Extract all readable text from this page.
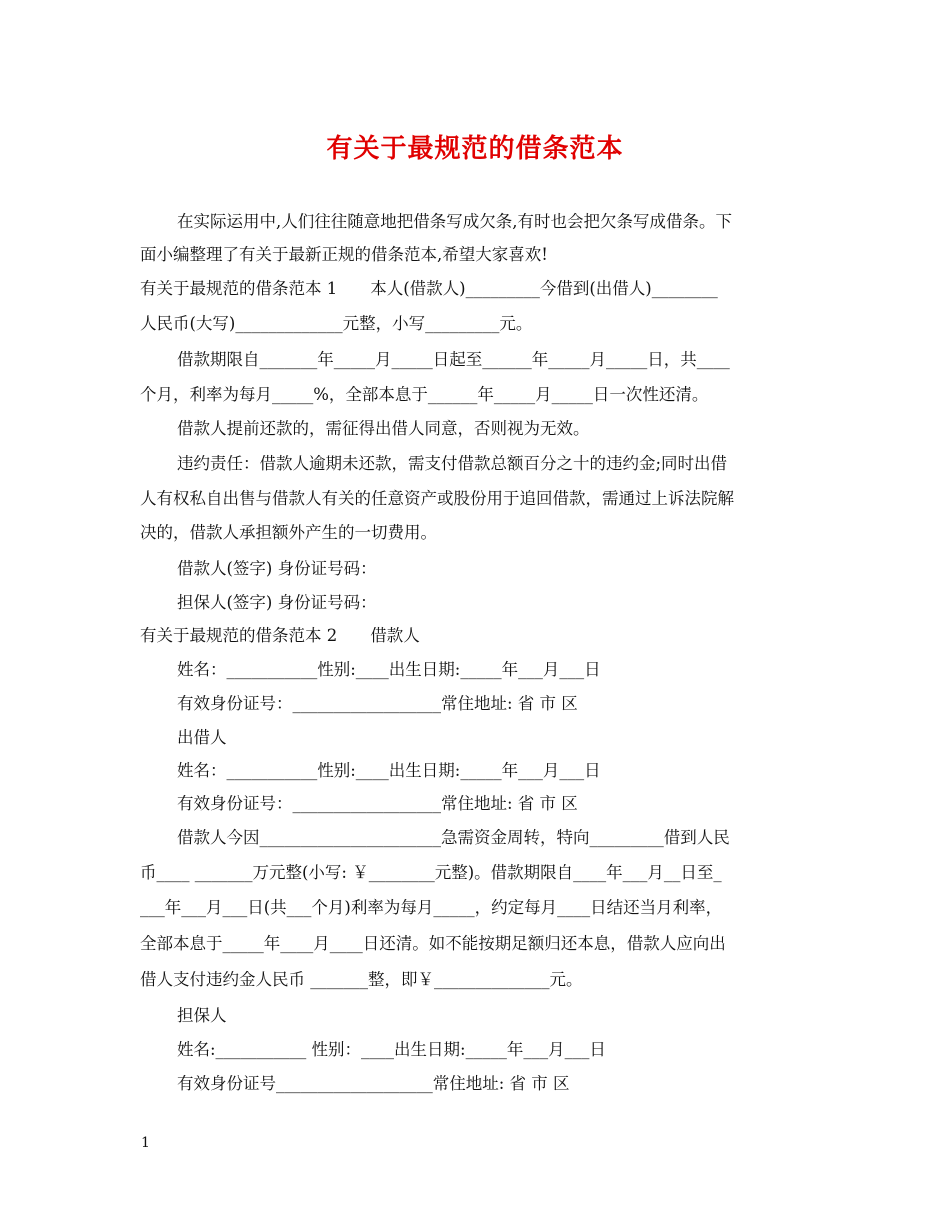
有关于最规范的借条范本
在实际运用中,人们往往随意地把借条写成欠条,有时也会把欠条写成借条。下
面小编整理了有关于最新正规的借条范本,希望大家喜欢!
有关于最规范的借条范本 1　　本人(借款人)_________今借到(出借人)________
人民币(大写)_____________元整，小写_________元。
借款期限自_______年_____月_____日起至______年_____月_____日，共____
个月，利率为每月_____%，全部本息于______年_____月_____日一次性还清。
借款人提前还款的，需征得出借人同意，否则视为无效。
违约责任：借款人逾期未还款，需支付借款总额百分之十的违约金;同时出借
人有权私自出售与借款人有关的任意资产或股份用于追回借款，需通过上诉法院解
决的，借款人承担额外产生的一切费用。
借款人(签字) 身份证号码：
担保人(签字) 身份证号码：
有关于最规范的借条范本 2　　借款人
姓名：___________性别:____出生日期:_____年___月___日
有效身份证号：__________________常住地址: 省 市 区
出借人
姓名：___________性别:____出生日期:_____年___月___日
有效身份证号：__________________常住地址: 省 市 区
借款人今因______________________急需资金周转，特向_________借到人民
币____ _______万元整(小写: ￥________元整)。借款期限自____年___月__日至_
___年___月___日(共___个月)利率为每月_____，约定每月____日结还当月利率，
全部本息于_____年____月____日还清。如不能按期足额归还本息，借款人应向出
借人支付违约金人民币 _______整，即￥______________元。
担保人
姓名:___________ 性别：____出生日期:_____年___月___日
有效身份证号___________________常住地址: 省 市 区
1
